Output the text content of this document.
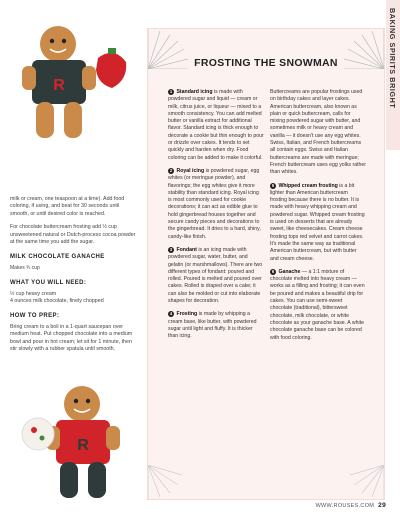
R
R

milk or cream, one teaspoon at a time). Add food coloring, if using, and beat for 30 seconds until smooth, or until desired color is reached.

For chocolate buttercream frosting add ½ cup unsweetened natural or Dutch-process cocoa powder at the same time you add the sugar.

MILK CHOCOLATE GANACHE

Makes ¾ cup

WHAT YOU WILL NEED:

½ cup heavy cream

4 ounces milk chocolate, finely chopped

HOW TO PREP:

Bring cream to a boil in a 1-quart saucepan over medium heat. Put chopped chocolate into a medium bowl and pour in hot cream; let sit for 1 minute, then stir slowly with a rubber spatula until smooth.

FROSTING THE SNOWMAN

1 Standard icing is made with powdered sugar and liquid — cream or milk, citrus juice, or liqueur — mixed to a smooth consistency. You can add melted butter or vanilla extract for additional flavor. Standard icing is thick enough to decorate a cookie but thin enough to pour or drizzle over cakes. It tends to set quickly and harden when dry. Food coloring can be added to make it colorful.

2 Royal icing is powdered sugar, egg whites (or meringue powder), and flavorings; the egg whites give it more stability than standard icing. Royal icing is most commonly used for cookie decorations; it can act as edible glue to hold gingerbread houses together and secure candy pieces and decorations to the gingerbread. It dries to a hard, shiny, candy-like finish.

3 Fondant is an icing made with powdered sugar, water, butter, and gelatin (or marshmallows). There are two different types of fondant: poured and rolled. Poured is melted and poured over cakes. Rolled is draped over a cake; it can also be molded or cut into elaborate shapes for decoration.

4 Frosting is made by whipping a cream base, like butter, with powdered sugar until light and fluffy. It is thicker than icing.

Buttercreams are popular frostings used on birthday cakes and layer cakes. American buttercream, also known as plain or quick buttercream, calls for mixing powdered sugar with butter, and sometimes milk or heavy cream and vanilla — it doesn't use any egg whites. Swiss, Italian, and French buttercreams all contain eggs. Swiss and Italian buttercreams are made with meringue; French buttercream uses egg yolks rather than whites.

5 Whipped cream frosting is a bit lighter than American buttercream frosting because there is no butter. It is made with heavy whipping cream and powdered sugar. Whipped cream frosting is used on desserts that are already sweet, like cheesecakes. Cream cheese frosting tops red velvet and carrot cakes. It's made the same way as traditional American buttercream, but with butter and cream cheese.

6 Ganache — a 1:1 mixture of chocolate melted into heavy cream — works as a filling and frosting; it can even be poured and makes a beautiful drip for cakes. You can use semi-sweet chocolate (traditional), bittersweet chocolate, milk chocolate, or white chocolate as your ganache base. A white chocolate ganache base can be colored with food coloring.

BAKING SPIRITS BRIGHT
WWW.ROUSES.COM 29
